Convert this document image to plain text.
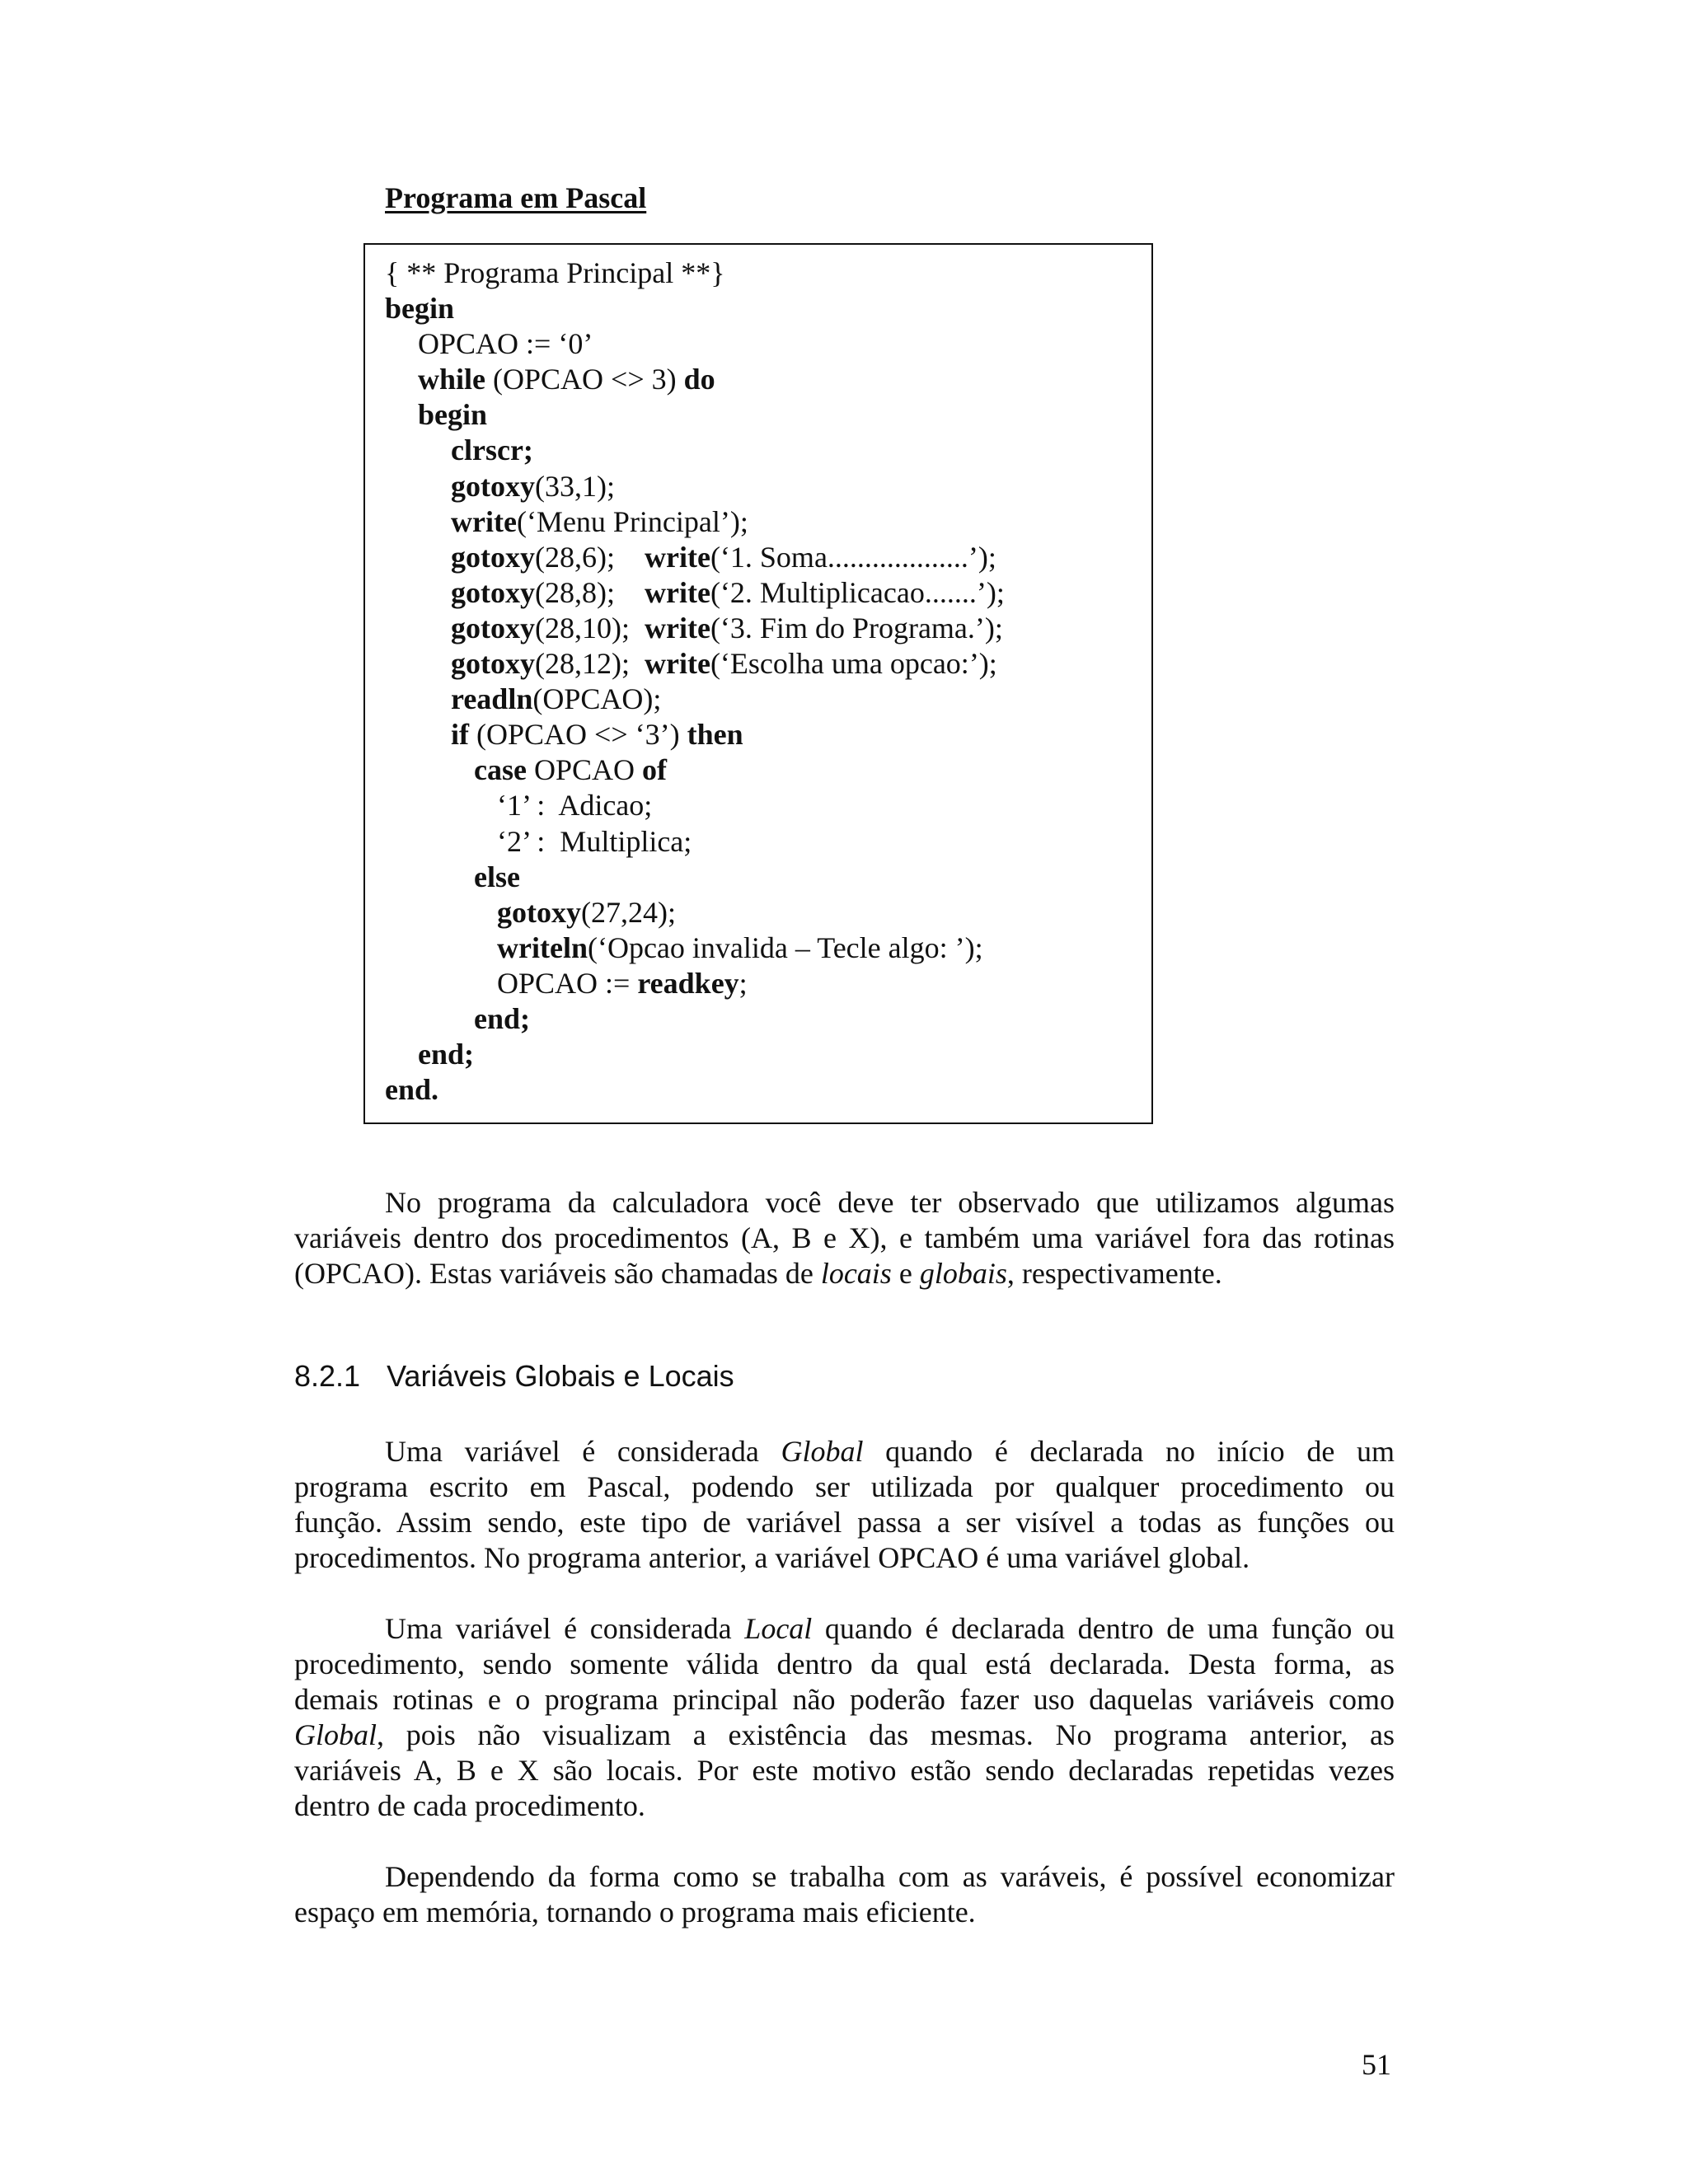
Programa em Pascal
{ ** Programa Principal **}
begin
OPCAO := ‘0’
while (OPCAO <> 3) do
begin
clrscr;
gotoxy(33,1);
write(‘Menu Principal’);
gotoxy(28,6);    write(‘1. Soma...................’);
gotoxy(28,8);    write(‘2. Multiplicacao.......’);
gotoxy(28,10);  write(‘3. Fim do Programa.’);
gotoxy(28,12);  write(‘Escolha uma opcao:’);
readln(OPCAO);
if (OPCAO <> ‘3’) then
case OPCAO of
‘1’ :  Adicao;
‘2’ :  Multiplica;
else
gotoxy(27,24);
writeln(‘Opcao invalida – Tecle algo: ’);
OPCAO := readkey;
end;
end;
end.
No programa da calculadora você deve ter observado que utilizamos algumas
variáveis dentro dos procedimentos (A, B e X), e também uma variável fora das rotinas
(OPCAO). Estas variáveis são chamadas de locais e globais, respectivamente.
8.2.1 Variáveis Globais e Locais
Uma variável é considerada Global quando é declarada no início de um
programa escrito em Pascal, podendo ser utilizada por qualquer procedimento ou
função. Assim sendo, este tipo de variável passa a ser visível a todas as funções ou
procedimentos. No programa anterior, a variável OPCAO é uma variável global.
Uma variável é considerada Local quando é declarada dentro de uma função ou
procedimento, sendo somente válida dentro da qual está declarada. Desta forma, as
demais rotinas e o programa principal não poderão fazer uso daquelas variáveis como
Global, pois não visualizam a existência das mesmas. No programa anterior, as
variáveis A, B e X são locais. Por este motivo estão sendo declaradas repetidas vezes
dentro de cada procedimento.
Dependendo da forma como se trabalha com as varáveis, é possível economizar
espaço em memória, tornando o programa mais eficiente.
51
